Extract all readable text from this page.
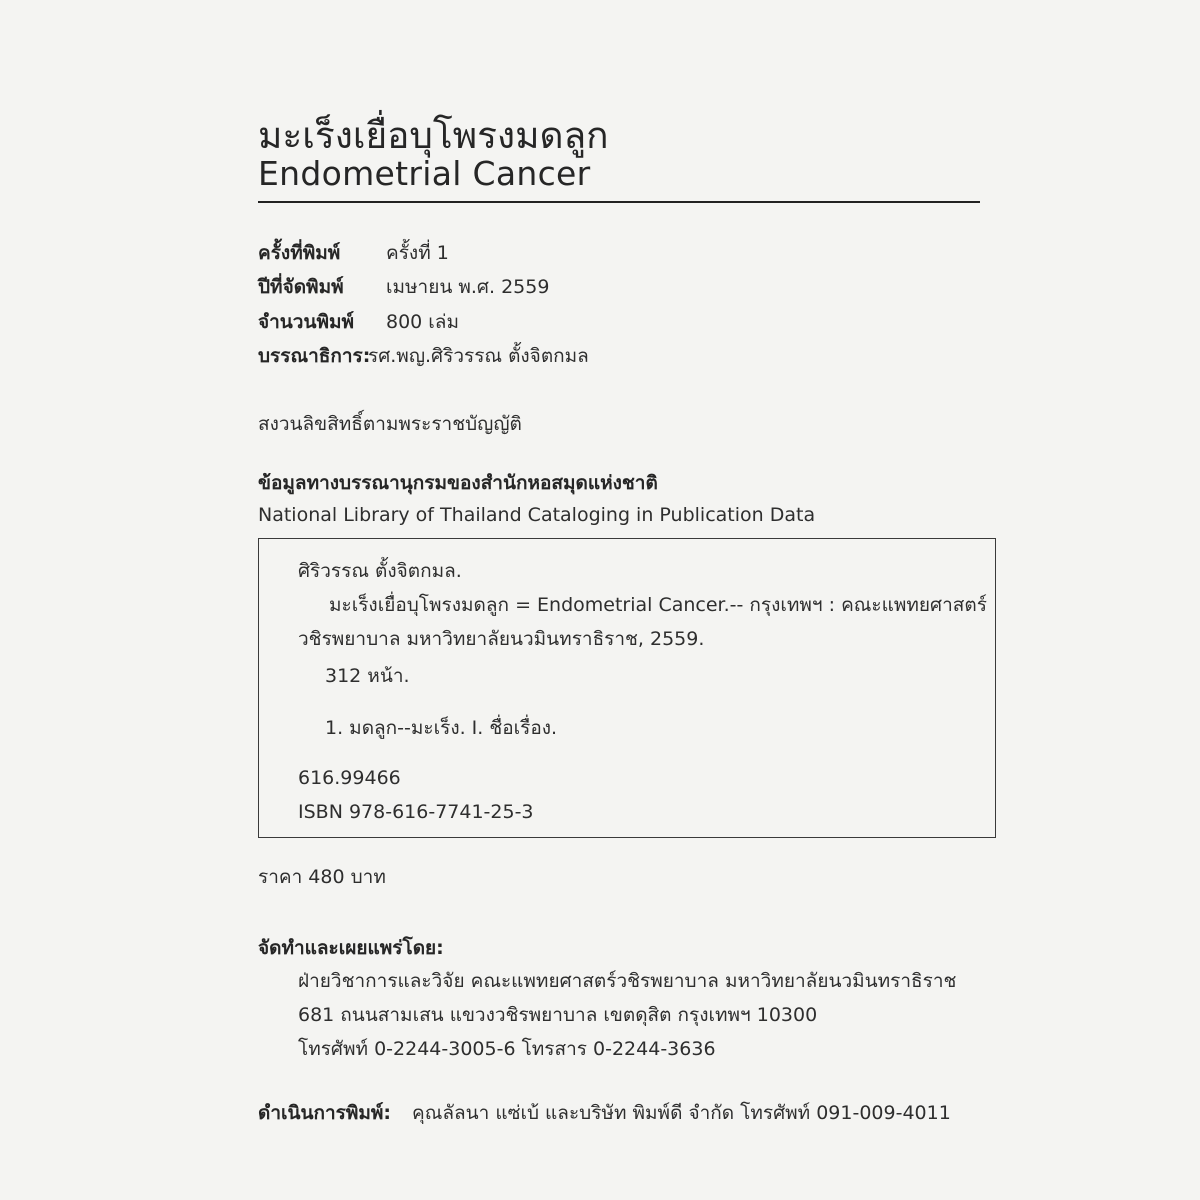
มะเร็งเยื่อบุโพรงมดลูก
Endometrial Cancer
ครั้งที่พิมพ์ ครั้งที่ 1
ปีที่จัดพิมพ์ เมษายน พ.ศ. 2559
จำนวนพิมพ์ 800 เล่ม
บรรณาธิการ:
รศ.พญ.ศิริวรรณ ตั้งจิตกมล
สงวนลิขสิทธิ์ตามพระราชบัญญัติ
ข้อมูลทางบรรณานุกรมของสำนักหอสมุดแห่งชาติ
National Library of Thailand Cataloging in Publication Data
ศิริวรรณ ตั้งจิตกมล.
มะเร็งเยื่อบุโพรงมดลูก = Endometrial Cancer.-- กรุงเทพฯ : คณะแพทยศาสตร์
วชิรพยาบาล มหาวิทยาลัยนวมินทราธิราช, 2559.
312 หน้า.
1. มดลูก--มะเร็ง. I. ชื่อเรื่อง.
616.99466
ISBN 978-616-7741-25-3
ราคา 480 บาท
จัดทำและเผยแพร่โดย:
ฝ่ายวิชาการและวิจัย คณะแพทยศาสตร์วชิรพยาบาล มหาวิทยาลัยนวมินทราธิราช
681 ถนนสามเสน แขวงวชิรพยาบาล เขตดุสิต กรุงเทพฯ 10300
โทรศัพท์ 0-2244-3005-6 โทรสาร 0-2244-3636
ดำเนินการพิมพ์: คุณลัลนา แซ่เบ้ และบริษัท พิมพ์ดี จำกัด โทรศัพท์ 091-009-4011
